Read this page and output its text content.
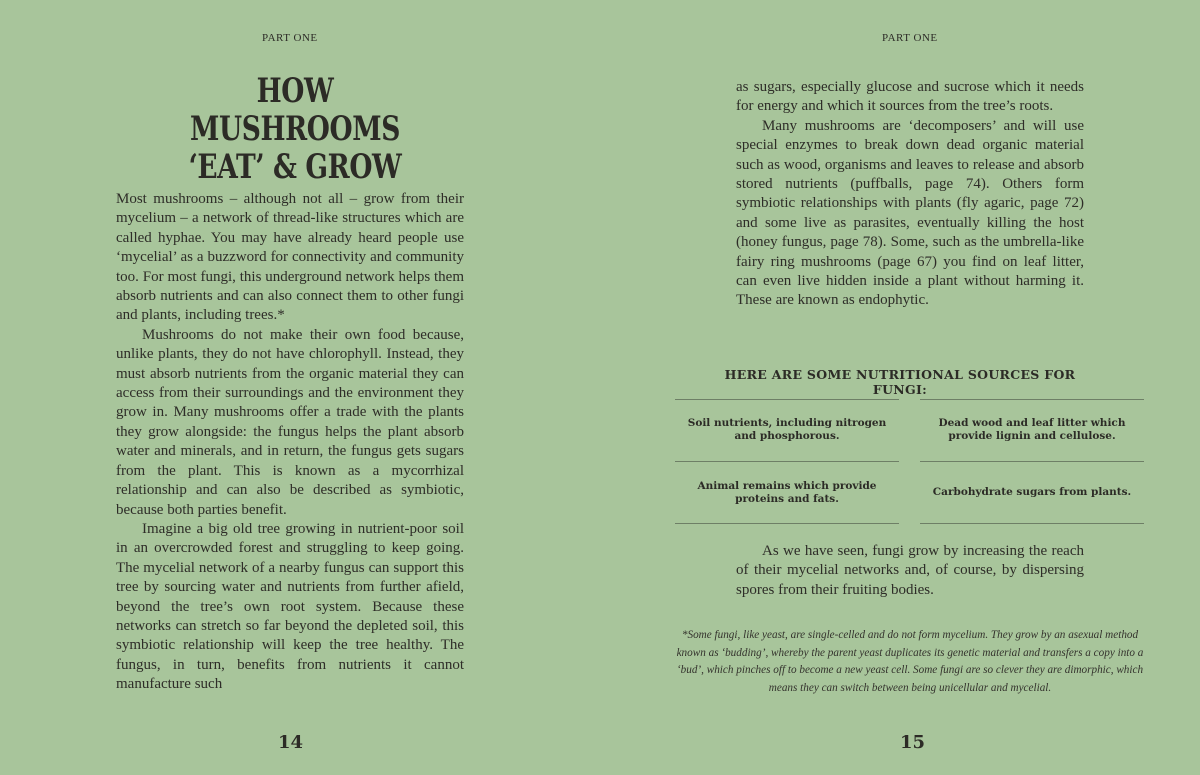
PART ONE
HOW MUSHROOMS
‘EAT’ & GROW

Most mushrooms – although not all – grow from their mycelium – a network of thread-like structures which are called hyphae. You may have already heard people use ‘mycelial’ as a buzzword for connectivity and community too. For most fungi, this underground network helps them absorb nutrients and can also connect them to other fungi and plants, including trees.*

Mushrooms do not make their own food because, unlike plants, they do not have chlorophyll. Instead, they must absorb nutrients from the organic material they can access from their surroundings and the environment they grow in. Many mushrooms offer a trade with the plants they grow alongside: the fungus helps the plant absorb water and minerals, and in return, the fungus gets sugars from the plant. This is known as a mycorrhizal relationship and can also be described as symbiotic, because both parties benefit.

Imagine a big old tree growing in nutrient-poor soil in an overcrowded forest and struggling to keep going. The mycelial network of a nearby fungus can support this tree by sourcing water and nutrients from further afield, beyond the tree’s own root system. Because these networks can stretch so far beyond the depleted soil, this symbiotic relationship will keep the tree healthy. The fungus, in turn, benefits from nutrients it cannot manufacture such

14
PART ONE

as sugars, especially glucose and sucrose which it needs for energy and which it sources from the tree’s roots.

Many mushrooms are ‘decomposers’ and will use special enzymes to break down dead organic material such as wood, organisms and leaves to release and absorb stored nutrients (puffballs, page 74). Others form symbiotic relationships with plants (fly agaric, page 72) and some live as parasites, eventually killing the host (honey fungus, page 78). Some, such as the umbrella-like fairy ring mushrooms (page 67) you find on leaf litter, can even live hidden inside a plant without harming it. These are known as endophytic.

HERE ARE SOME NUTRITIONAL SOURCES FOR FUNGI:
Soil nutrients, including nitrogen and phosphorous.
Dead wood and leaf litter which provide lignin and cellulose.
Animal remains which provide proteins and fats.
Carbohydrate sugars from plants.

As we have seen, fungi grow by increasing the reach of their mycelial networks and, of course, by dispersing spores from their fruiting bodies.

*Some fungi, like yeast, are single-celled and do not form mycelium. They grow by an asexual method known as ‘budding’, whereby the parent yeast duplicates its genetic material and transfers a copy into a ‘bud’, which pinches off to become a new yeast cell. Some fungi are so clever they are dimorphic, which means they can switch between being unicellular and mycelial.
15
